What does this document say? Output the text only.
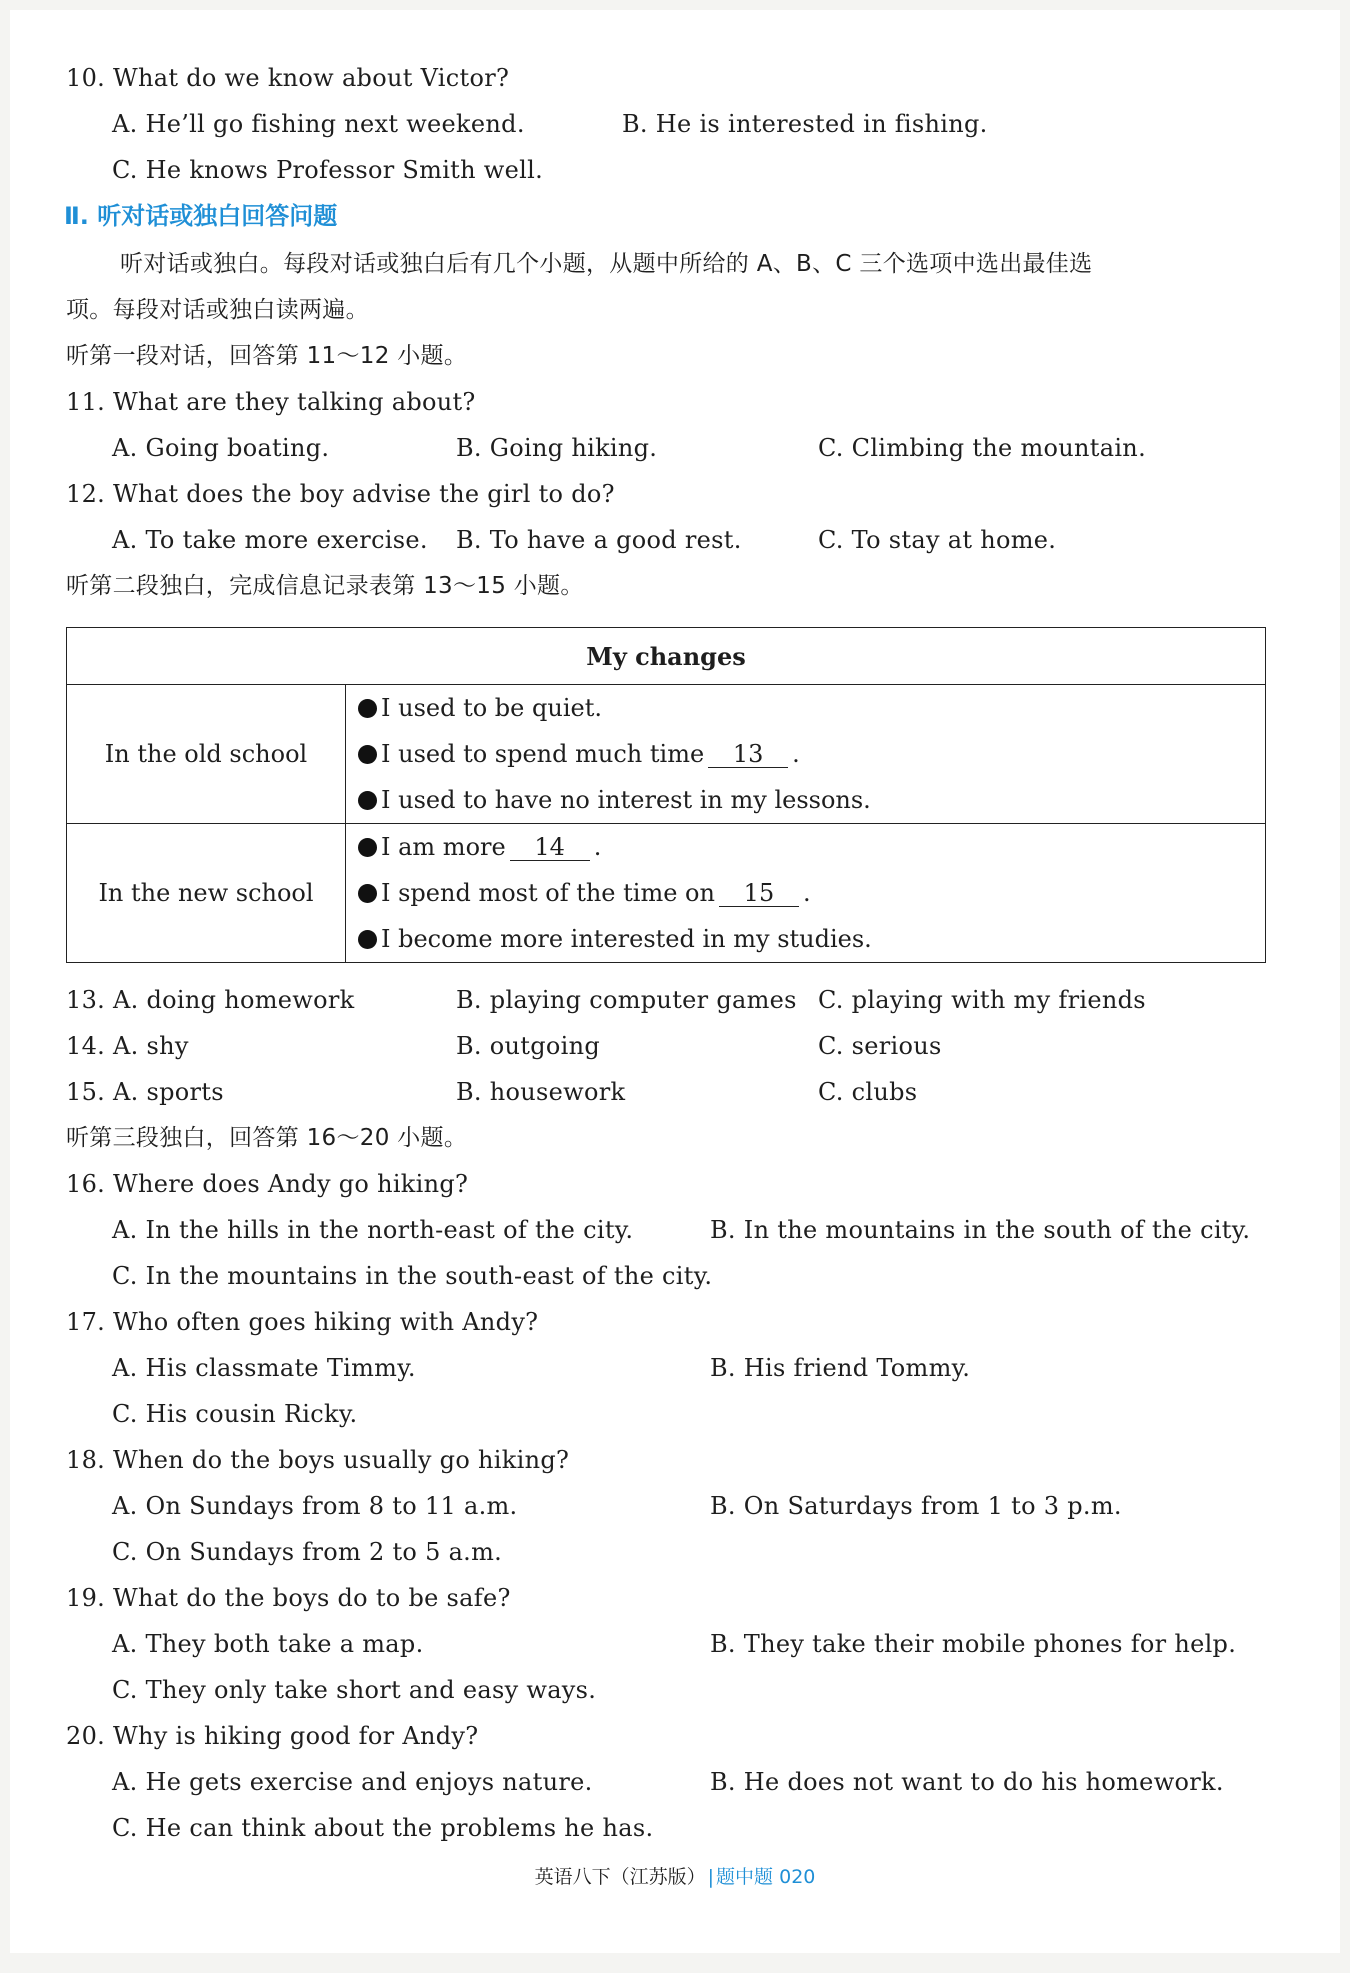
10. What do we know about Victor?
A. He’ll go fishing next weekend.	B. He is interested in fishing.
C. He knows Professor Smith well.
Ⅱ. 听对话或独白回答问题
听对话或独白。每段对话或独白后有几个小题，从题中所给的 A、B、C 三个选项中选出最佳选
项。每段对话或独白读两遍。
听第一段对话，回答第 11～12 小题。
11. What are they talking about?
A. Going boating.	B. Going hiking.	C. Climbing the mountain.
12. What does the boy advise the girl to do?
A. To take more exercise. B. To have a good rest.	C. To stay at home.
听第二段独白，完成信息记录表第 13～15 小题。
My changes	
In the old school	I used to be quiet.
I used to spend much time 13 .
I used to have no interest in my lessons.

In the new school	I am more 14 .
I spend most of the time on 15 .
I become more interested in my studies.
13. A. doing homework	B. playing computer games C. playing with my friends
14. A. shy	B. outgoing	C. serious
15. A. sports	B. housework	C. clubs
听第三段独白，回答第 16～20 小题。
16. Where does Andy go hiking?
A. In the hills in the north-east of the city.	B. In the mountains in the south of the city.
C. In the mountains in the south-east of the city.
17. Who often goes hiking with Andy?
A. His classmate Timmy.	B. His friend Tommy.
C. His cousin Ricky.
18. When do the boys usually go hiking?
A. On Sundays from 8 to 11 a.m.	B. On Saturdays from 1 to 3 p.m.
C. On Sundays from 2 to 5 a.m.
19. What do the boys do to be safe?
A. They both take a map.	B. They take their mobile phones for help.
C. They only take short and easy ways.
20. Why is hiking good for Andy?
A. He gets exercise and enjoys nature.	B. He does not want to do his homework.
C. He can think about the problems he has.
英语八下（江苏版） | 题中题 020
